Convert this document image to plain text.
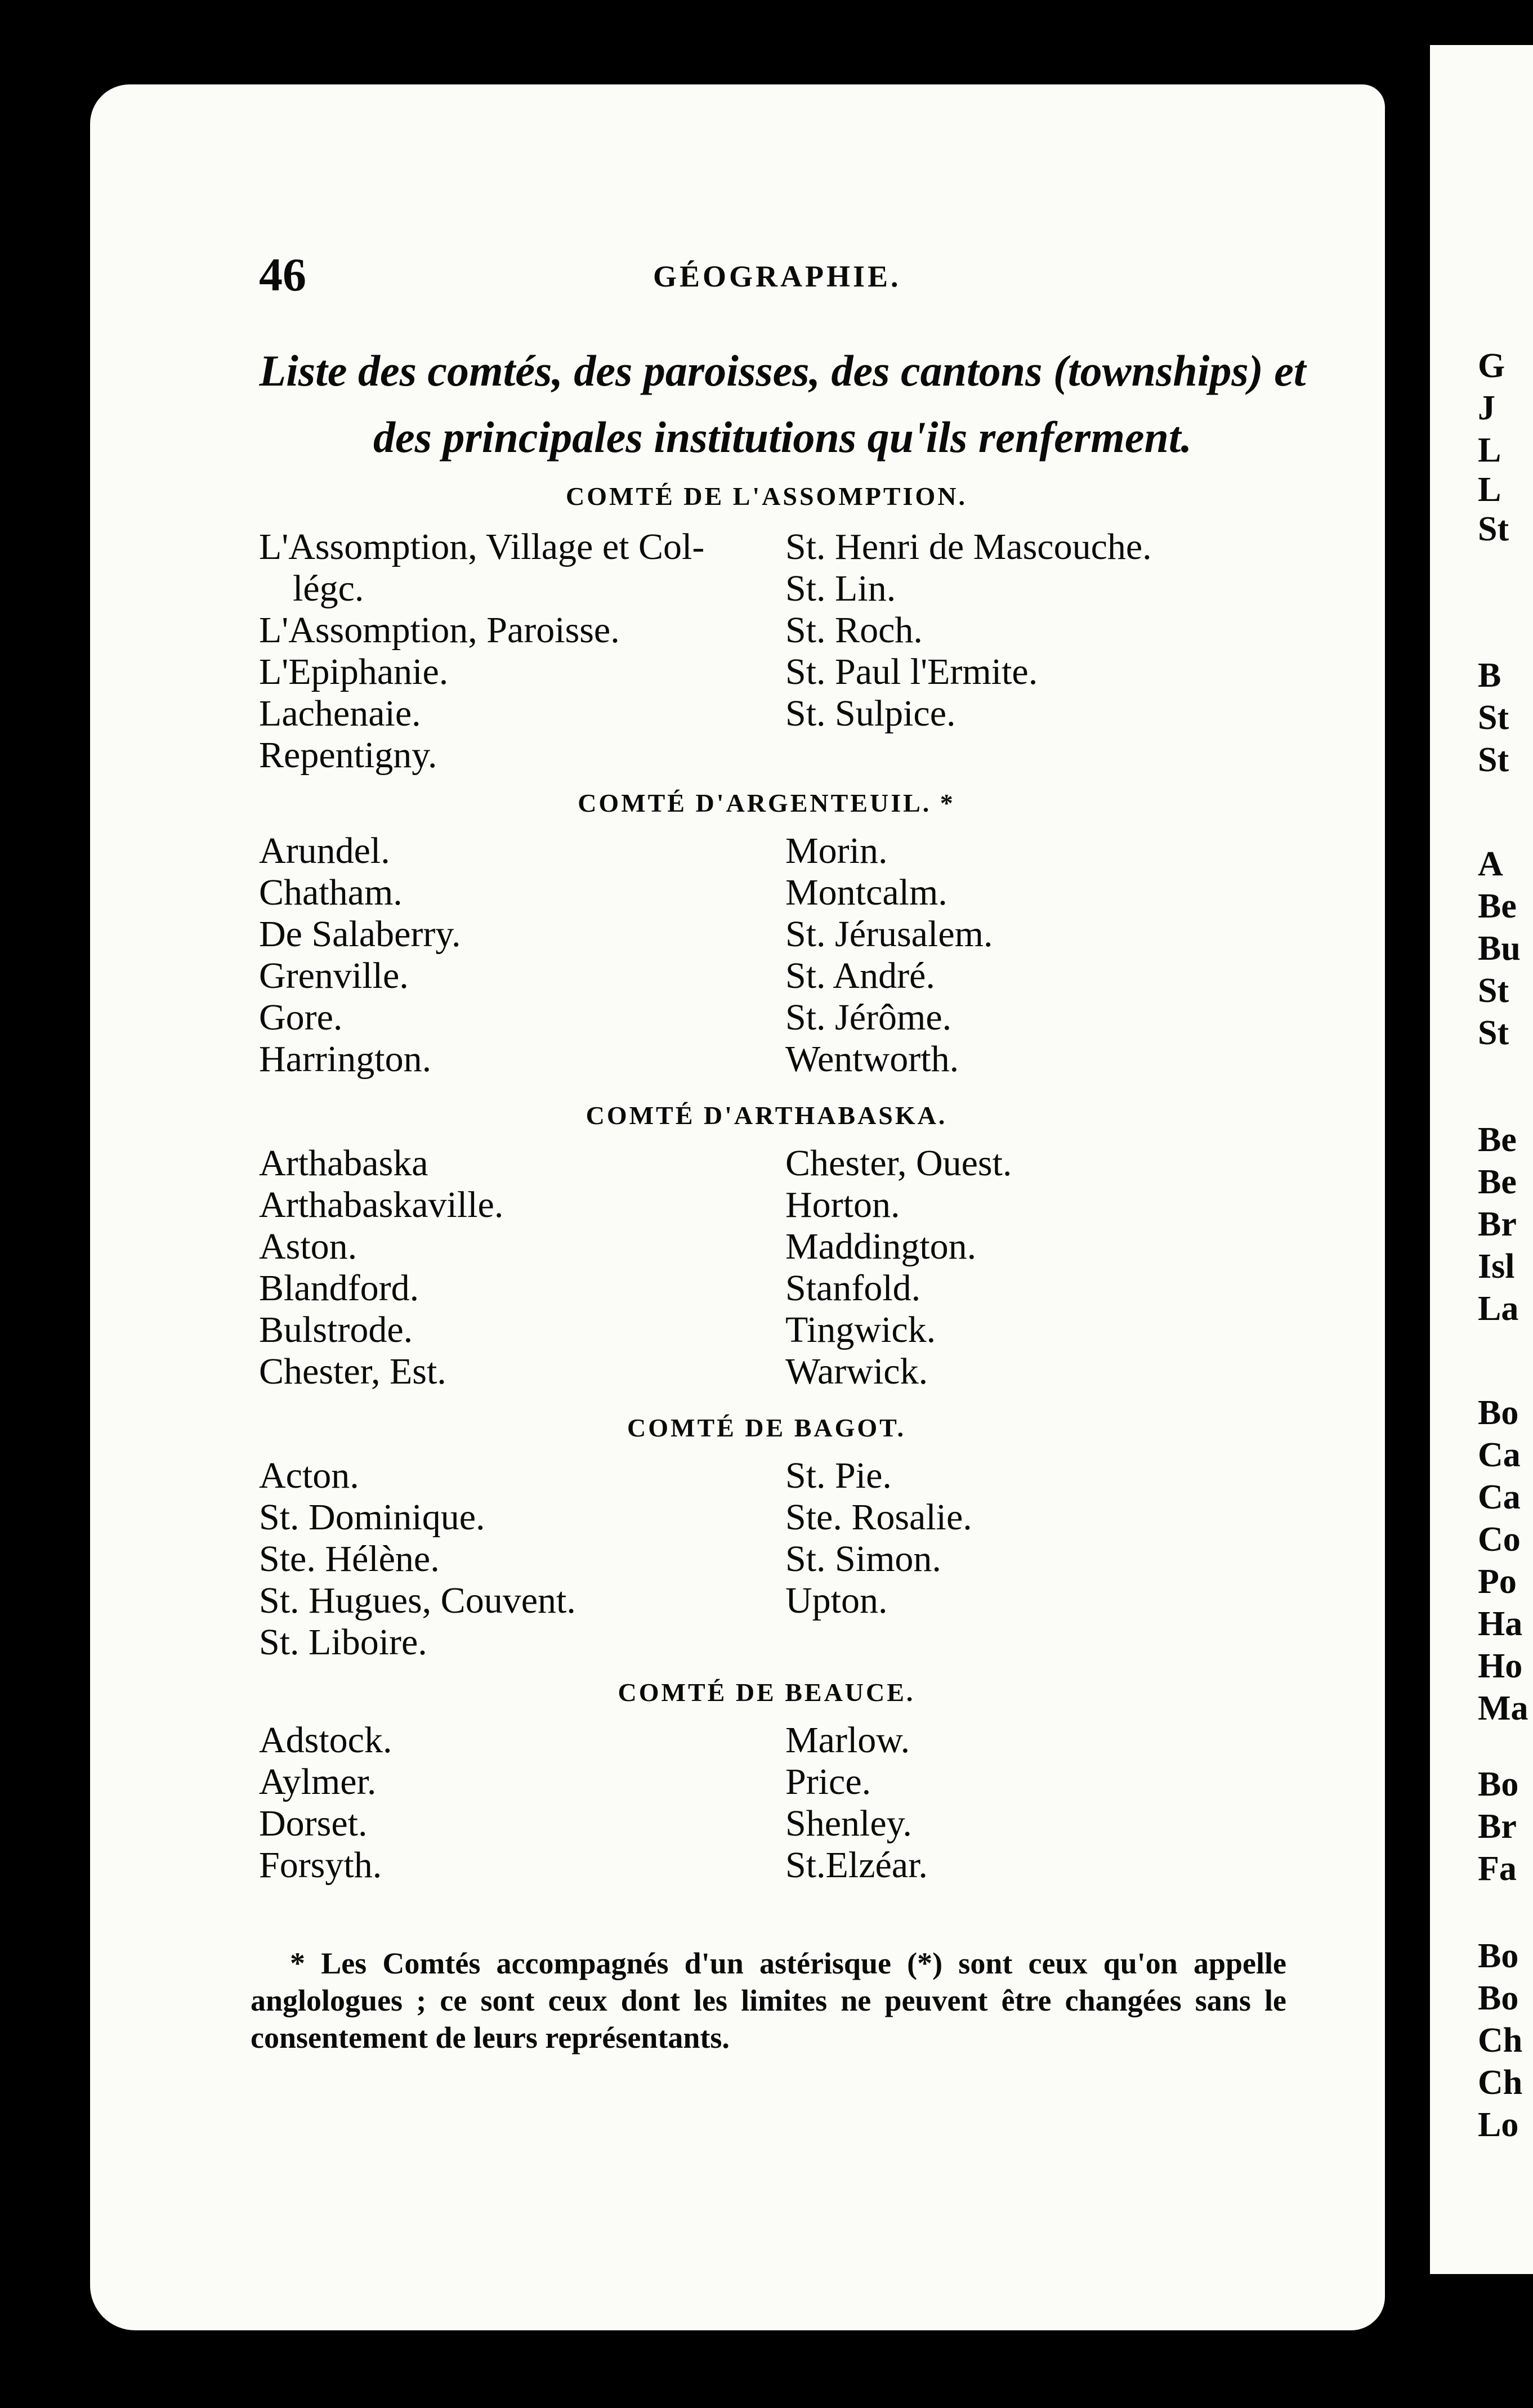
G
J
L
L
St
B
St
St
A
Be
Bu
St
St
Be
Be
Br
Isl
La
Bo
Ca
Ca
Co
Po
Ha
Ho
Ma
Bo
Br
Fa
Bo
Bo
Ch
Ch
Lo
46	GÉOGRAPHIE.
Liste des comtés, des paroisses, des cantons (townships) et
des principales institutions qu'ils renferment.
COMTÉ DE L'ASSOMPTION.
L'Assomption, Village et Col-
légc.
L'Assomption, Paroisse.
L'Epiphanie.
Lachenaie.
Repentigny.
St. Henri de Mascouche.
St. Lin.
St. Roch.
St. Paul l'Ermite.
St. Sulpice.
COMTÉ D'ARGENTEUIL. *
Arundel.
Chatham.
De Salaberry.
Grenville.
Gore.
Harrington.
Morin.
Montcalm.
St. Jérusalem.
St. André.
St. Jérôme.
Wentworth.
COMTÉ D'ARTHABASKA.
Arthabaska
Arthabaskaville.
Aston.
Blandford.
Bulstrode.
Chester, Est.
Chester, Ouest.
Horton.
Maddington.
Stanfold.
Tingwick.
Warwick.
COMTÉ DE BAGOT.
Acton.
St. Dominique.
Ste. Hélène.
St. Hugues, Couvent.
St. Liboire.
St. Pie.
Ste. Rosalie.
St. Simon.
Upton.
COMTÉ DE BEAUCE.
Adstock.
Aylmer.
Dorset.
Forsyth.
Marlow.
Price.
Shenley.
St.Elzéar.
* Les Comtés accompagnés d'un astérisque (*) sont ceux qu'on appelle anglologues ; ce sont ceux dont les limites ne peuvent être changées sans le consentement de leurs représentants.
